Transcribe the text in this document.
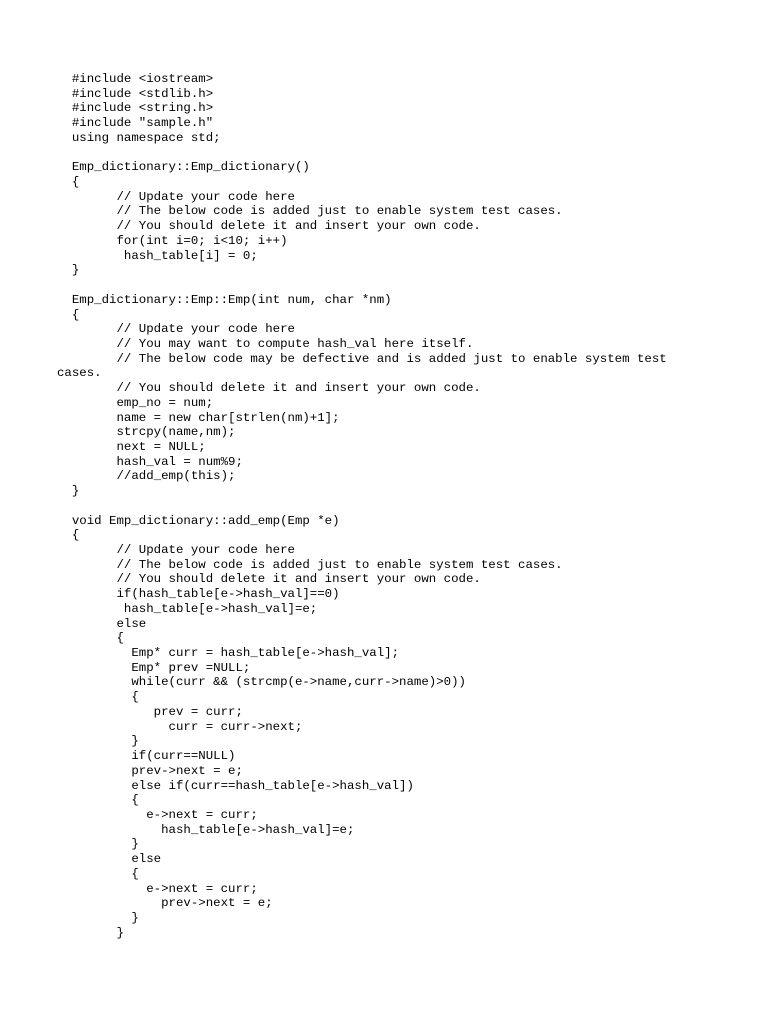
#include <iostream>
#include <stdlib.h>
#include <string.h>
#include "sample.h"
using namespace std;
Emp_dictionary::Emp_dictionary()
{
// Update your code here
// The below code is added just to enable system test cases.
// You should delete it and insert your own code.
for(int i=0; i<10; i++)
hash_table[i] = 0;
}
Emp_dictionary::Emp::Emp(int num, char *nm)
{
// Update your code here
// You may want to compute hash_val here itself.
// The below code may be defective and is added just to enable system test
cases.
// You should delete it and insert your own code.
emp_no = num;
name = new char[strlen(nm)+1];
strcpy(name,nm);
next = NULL;
hash_val = num%9;
//add_emp(this);
}
void Emp_dictionary::add_emp(Emp *e)
{
// Update your code here
// The below code is added just to enable system test cases.
// You should delete it and insert your own code.
if(hash_table[e->hash_val]==0)
hash_table[e->hash_val]=e;
else
{
Emp* curr = hash_table[e->hash_val];
Emp* prev =NULL;
while(curr && (strcmp(e->name,curr->name)>0))
{
prev = curr;
curr = curr->next;
}
if(curr==NULL)
prev->next = e;
else if(curr==hash_table[e->hash_val])
{
e->next = curr;
hash_table[e->hash_val]=e;
}
else
{
e->next = curr;
prev->next = e;
}
}
